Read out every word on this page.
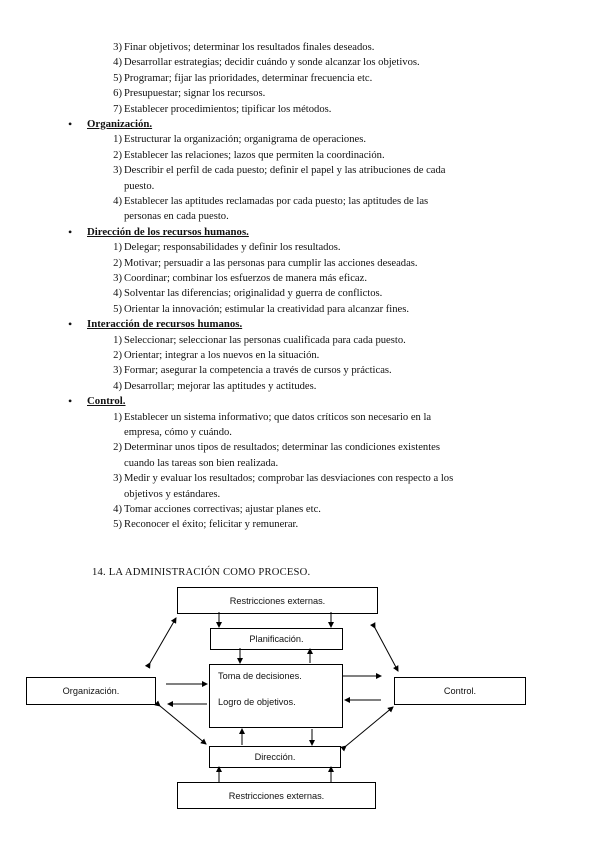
3) Finar objetivos; determinar los resultados finales deseados.
4) Desarrollar estrategias; decidir cuándo y sonde alcanzar los objetivos.
5) Programar; fijar las prioridades, determinar frecuencia etc.
6) Presupuestar; signar los recursos.
7) Establecer procedimientos; tipificar los métodos.
• Organización.
1) Estructurar la organización; organigrama de operaciones.
2) Establecer las relaciones; lazos que permiten la coordinación.
3) Describir el perfil de cada puesto; definir el papel y las atribuciones de cada
puesto.
4) Establecer las aptitudes reclamadas por cada puesto; las aptitudes de las
personas en cada puesto.
• Dirección de los recursos humanos.
1) Delegar; responsabilidades y definir los resultados.
2) Motivar; persuadir a las personas para cumplir las acciones deseadas.
3) Coordinar; combinar los esfuerzos de manera más eficaz.
4) Solventar las diferencias; originalidad y guerra de conflictos.
5) Orientar la innovación; estimular la creatividad para alcanzar fines.
• Interacción de recursos humanos.
1) Seleccionar; seleccionar las personas cualificada para cada puesto.
2) Orientar; integrar a los nuevos en la situación.
3) Formar; asegurar la competencia a través de cursos y prácticas.
4) Desarrollar; mejorar las aptitudes y actitudes.
• Control.
1) Establecer un sistema informativo; que datos críticos son necesario en la
empresa, cómo y cuándo.
2) Determinar unos tipos de resultados; determinar las condiciones existentes
cuando las tareas son bien realizada.
3) Medir y evaluar los resultados; comprobar las desviaciones con respecto a los
objetivos y estándares.
4) Tomar acciones correctivas; ajustar planes etc.
5) Reconocer el éxito; felicitar y remunerar.
14. LA ADMINISTRACIÓN COMO PROCESO.
Restricciones externas.
Planificación.
Toma de decisiones.
Logro de objetivos.
Organización.	Control.
Dirección.
Restricciones externas.
